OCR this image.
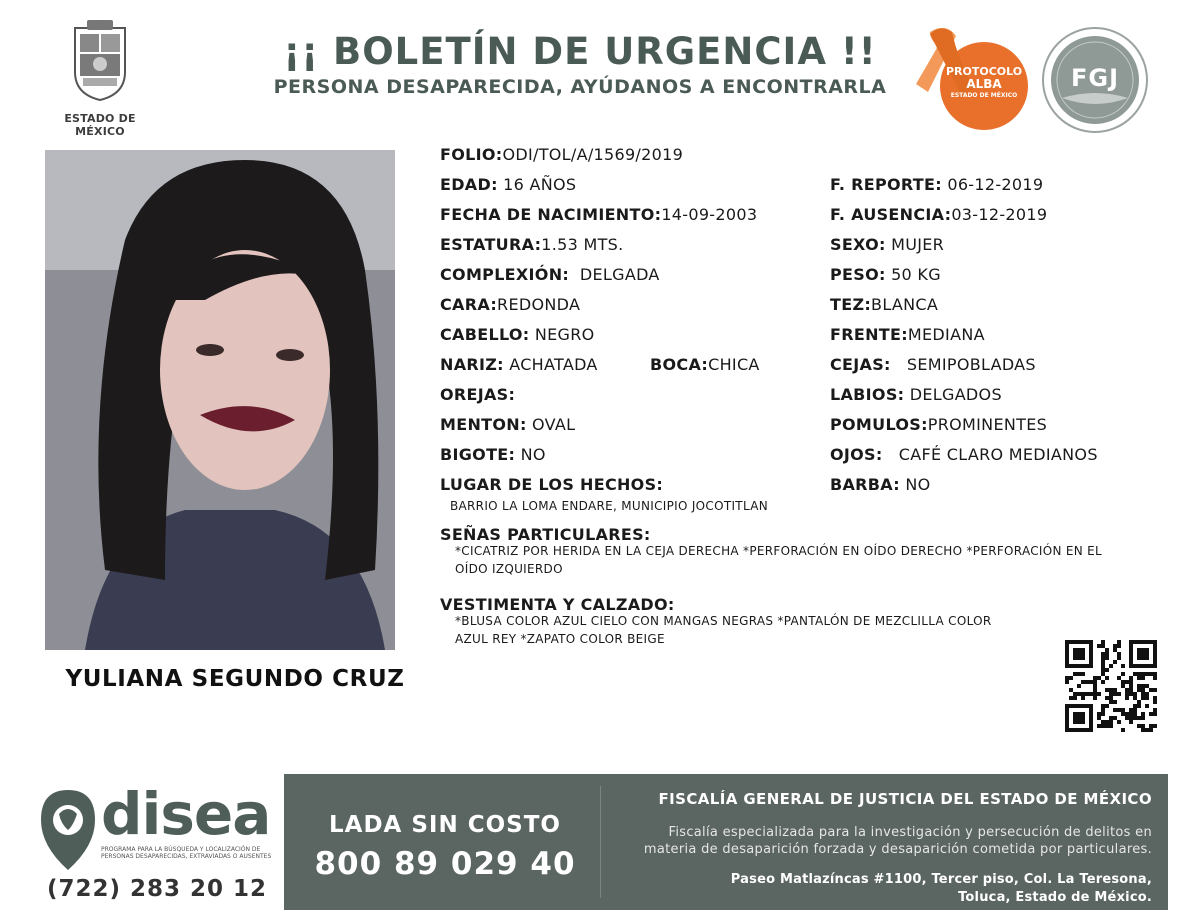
ESTADO DE MÉXICO
¡¡ BOLETÍN DE URGENCIA !!
PERSONA DESAPARECIDA, AYÚDANOS A ENCONTRARLA
PROTOCOLO
ALBA
ESTADO DE MÉXICO
FGJ
YULIANA SEGUNDO CRUZ
FOLIO:ODI/TOL/A/1569/2019
EDAD: 16 AÑOS
FECHA DE NACIMIENTO:14-09-2003
ESTATURA:1.53 MTS.
COMPLEXIÓN: DELGADA
CARA:REDONDA
CABELLO: NEGRO
NARIZ: ACHATADA	BOCA:CHICA
OREJAS:
MENTON: OVAL
BIGOTE: NO
LUGAR DE LOS HECHOS:
BARRIO LA LOMA ENDARE, MUNICIPIO JOCOTITLAN
F. REPORTE: 06-12-2019
F. AUSENCIA:03-12-2019
SEXO: MUJER
PESO: 50 KG
TEZ:BLANCA
FRENTE:MEDIANA
CEJAS: SEMIPOBLADAS
LABIOS: DELGADOS
POMULOS:PROMINENTES
OJOS: CAFÉ CLARO MEDIANOS
BARBA: NO
SEÑAS PARTICULARES:
*CICATRIZ POR HERIDA EN LA CEJA DERECHA *PERFORACIÓN EN OÍDO DERECHO *PERFORACIÓN EN EL
OÍDO IZQUIERDO
VESTIMENTA Y CALZADO:
*BLUSA COLOR AZUL CIELO CON MANGAS NEGRAS *PANTALÓN DE MEZCLILLA COLOR
AZUL REY *ZAPATO COLOR BEIGE
disea
PROGRAMA PARA LA BÚSQUEDA Y LOCALIZACIÓN DE PERSONAS DESAPARECIDAS, EXTRAVIADAS O AUSENTES
(722) 283 20 12
LADA SIN COSTO
800 89 029 40
FISCALÍA GENERAL DE JUSTICIA DEL ESTADO DE MÉXICO
Fiscalía especializada para la investigación y persecución de delitos en
materia de desaparición forzada y desaparición cometida por particulares.
Paseo Matlazíncas #1100, Tercer piso, Col. La Teresona,
Toluca, Estado de México.
